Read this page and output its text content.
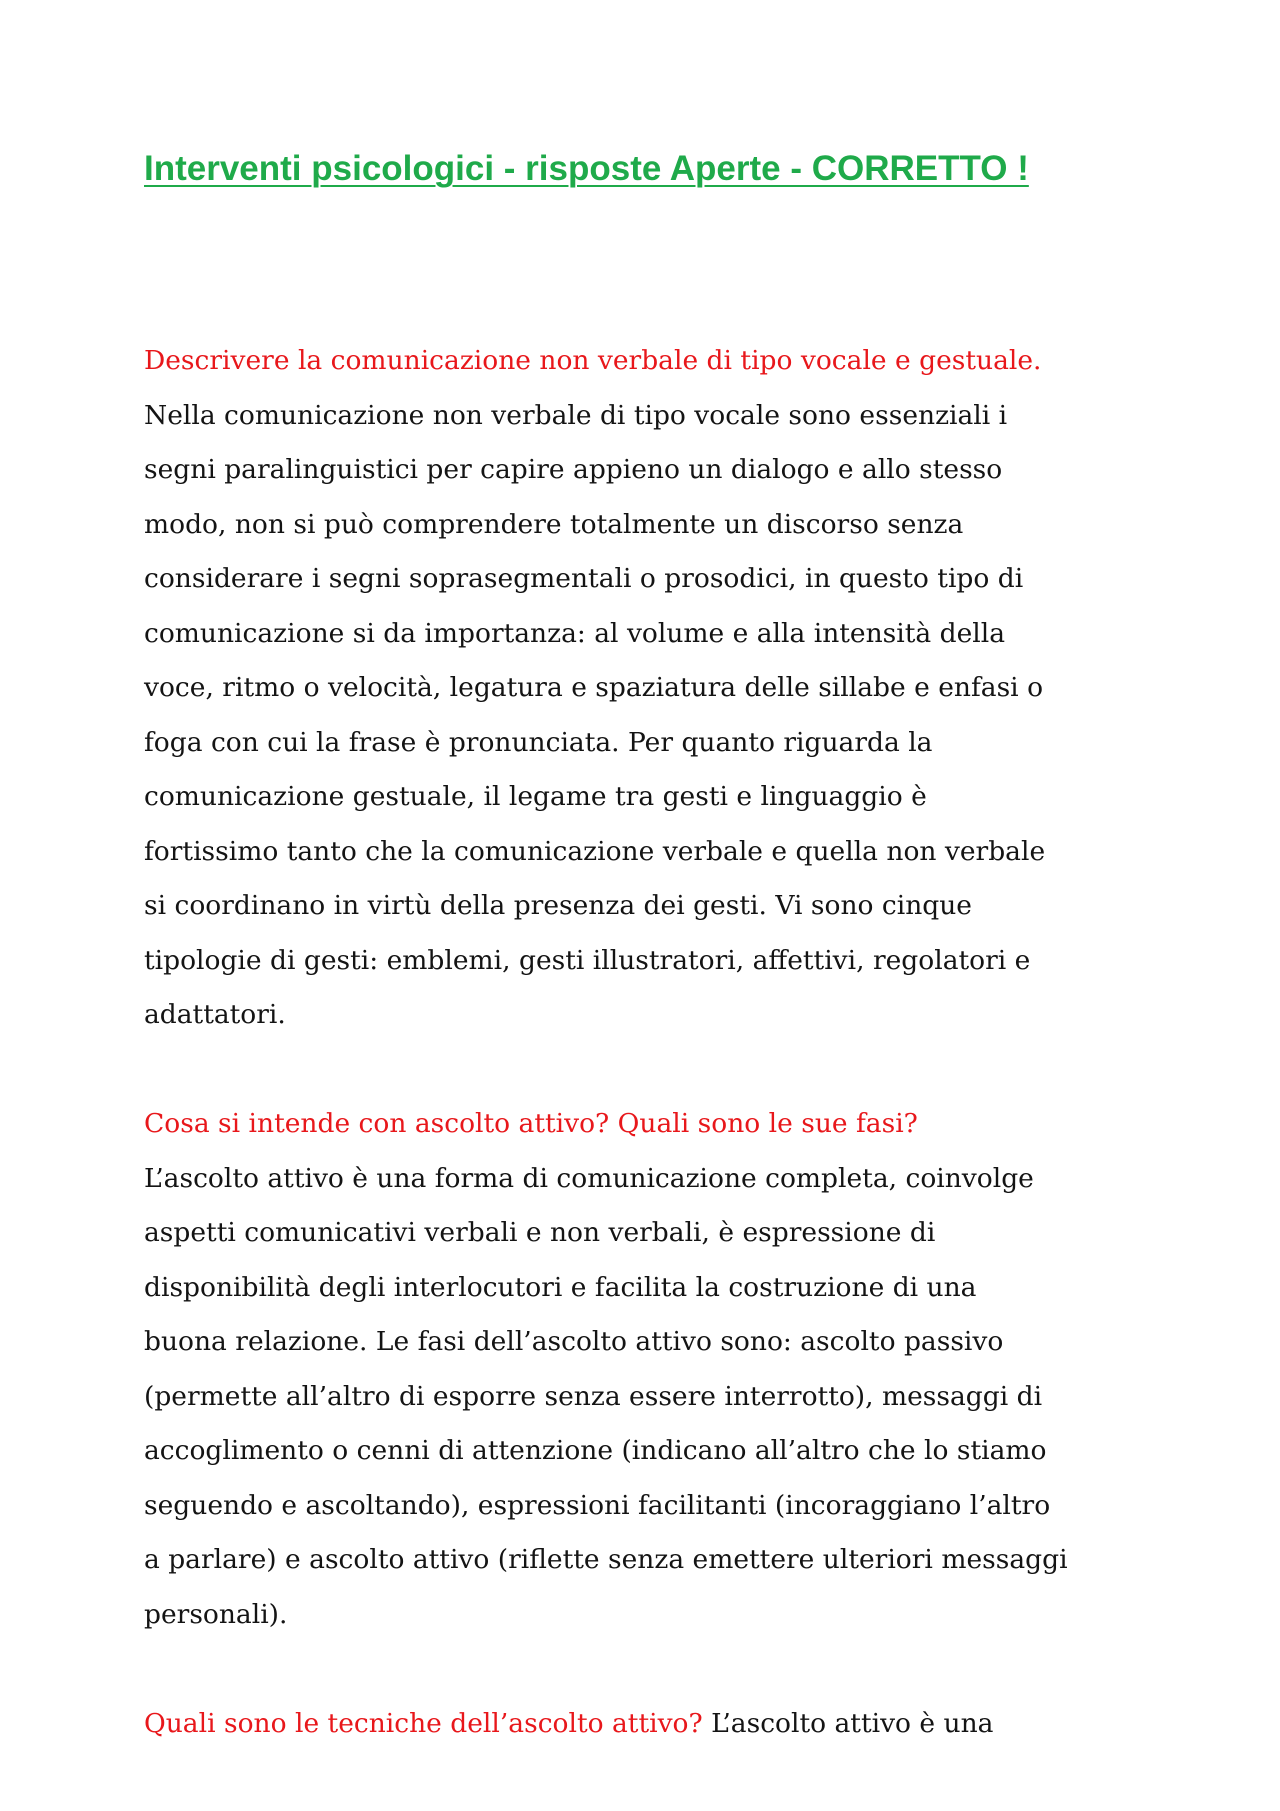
Interventi psicologici - risposte Aperte - CORRETTO !
Descrivere la comunicazione non verbale di tipo vocale e gestuale.
Nella comunicazione non verbale di tipo vocale sono essenziali i
segni paralinguistici per capire appieno un dialogo e allo stesso
modo, non si può comprendere totalmente un discorso senza
considerare i segni soprasegmentali o prosodici, in questo tipo di
comunicazione si da importanza: al volume e alla intensità della
voce, ritmo o velocità, legatura e spaziatura delle sillabe e enfasi o
foga con cui la frase è pronunciata. Per quanto riguarda la
comunicazione gestuale, il legame tra gesti e linguaggio è
fortissimo tanto che la comunicazione verbale e quella non verbale
si coordinano in virtù della presenza dei gesti. Vi sono cinque
tipologie di gesti: emblemi, gesti illustratori, affettivi, regolatori e
adattatori.
Cosa si intende con ascolto attivo? Quali sono le sue fasi?
L’ascolto attivo è una forma di comunicazione completa, coinvolge
aspetti comunicativi verbali e non verbali, è espressione di
disponibilità degli interlocutori e facilita la costruzione di una
buona relazione. Le fasi dell’ascolto attivo sono: ascolto passivo
(permette all’altro di esporre senza essere interrotto), messaggi di
accoglimento o cenni di attenzione (indicano all’altro che lo stiamo
seguendo e ascoltando), espressioni facilitanti (incoraggiano l’altro
a parlare) e ascolto attivo (riflette senza emettere ulteriori messaggi
personali).
Quali sono le tecniche dell’ascolto attivo? L’ascolto attivo è una
